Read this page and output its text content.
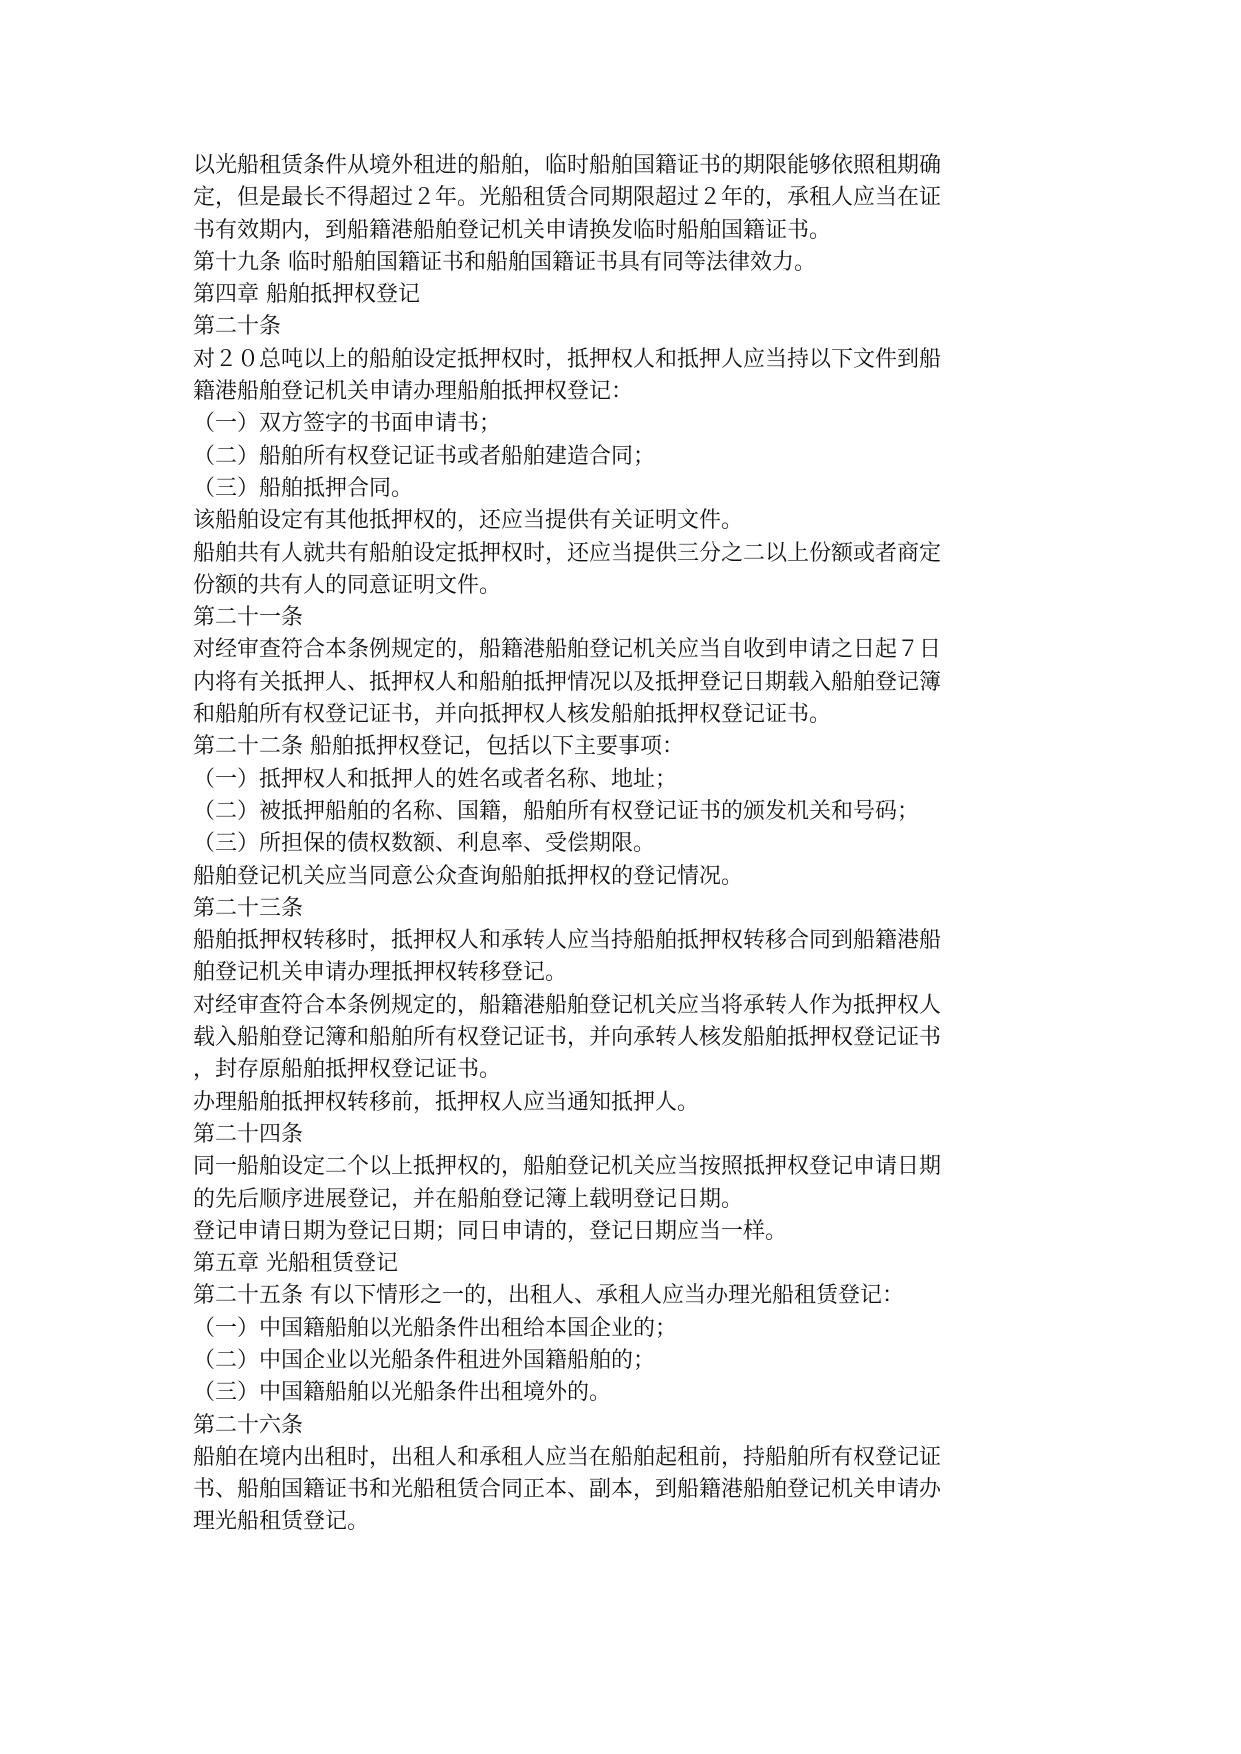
以光船租赁条件从境外租进的船舶，临时船舶国籍证书的期限能够依照租期确
定，但是最长不得超过２年。光船租赁合同期限超过２年的，承租人应当在证
书有效期内，到船籍港船舶登记机关申请换发临时船舶国籍证书。
第十九条 临时船舶国籍证书和船舶国籍证书具有同等法律效力。
第四章 船舶抵押权登记
第二十条
对２０总吨以上的船舶设定抵押权时，抵押权人和抵押人应当持以下文件到船
籍港船舶登记机关申请办理船舶抵押权登记：
（一）双方签字的书面申请书；
（二）船舶所有权登记证书或者船舶建造合同；
（三）船舶抵押合同。
该船舶设定有其他抵押权的，还应当提供有关证明文件。
船舶共有人就共有船舶设定抵押权时，还应当提供三分之二以上份额或者商定
份额的共有人的同意证明文件。
第二十一条
对经审查符合本条例规定的，船籍港船舶登记机关应当自收到申请之日起７日
内将有关抵押人、抵押权人和船舶抵押情况以及抵押登记日期载入船舶登记簿
和船舶所有权登记证书，并向抵押权人核发船舶抵押权登记证书。
第二十二条 船舶抵押权登记，包括以下主要事项：
（一）抵押权人和抵押人的姓名或者名称、地址；
（二）被抵押船舶的名称、国籍，船舶所有权登记证书的颁发机关和号码；
（三）所担保的债权数额、利息率、受偿期限。
船舶登记机关应当同意公众查询船舶抵押权的登记情况。
第二十三条
船舶抵押权转移时，抵押权人和承转人应当持船舶抵押权转移合同到船籍港船
舶登记机关申请办理抵押权转移登记。
对经审查符合本条例规定的，船籍港船舶登记机关应当将承转人作为抵押权人
载入船舶登记簿和船舶所有权登记证书，并向承转人核发船舶抵押权登记证书
，封存原船舶抵押权登记证书。
办理船舶抵押权转移前，抵押权人应当通知抵押人。
第二十四条
同一船舶设定二个以上抵押权的，船舶登记机关应当按照抵押权登记申请日期
的先后顺序进展登记，并在船舶登记簿上载明登记日期。
登记申请日期为登记日期；同日申请的，登记日期应当一样。
第五章 光船租赁登记
第二十五条 有以下情形之一的，出租人、承租人应当办理光船租赁登记：
（一）中国籍船舶以光船条件出租给本国企业的；
（二）中国企业以光船条件租进外国籍船舶的；
（三）中国籍船舶以光船条件出租境外的。
第二十六条
船舶在境内出租时，出租人和承租人应当在船舶起租前，持船舶所有权登记证
书、船舶国籍证书和光船租赁合同正本、副本，到船籍港船舶登记机关申请办
理光船租赁登记。
